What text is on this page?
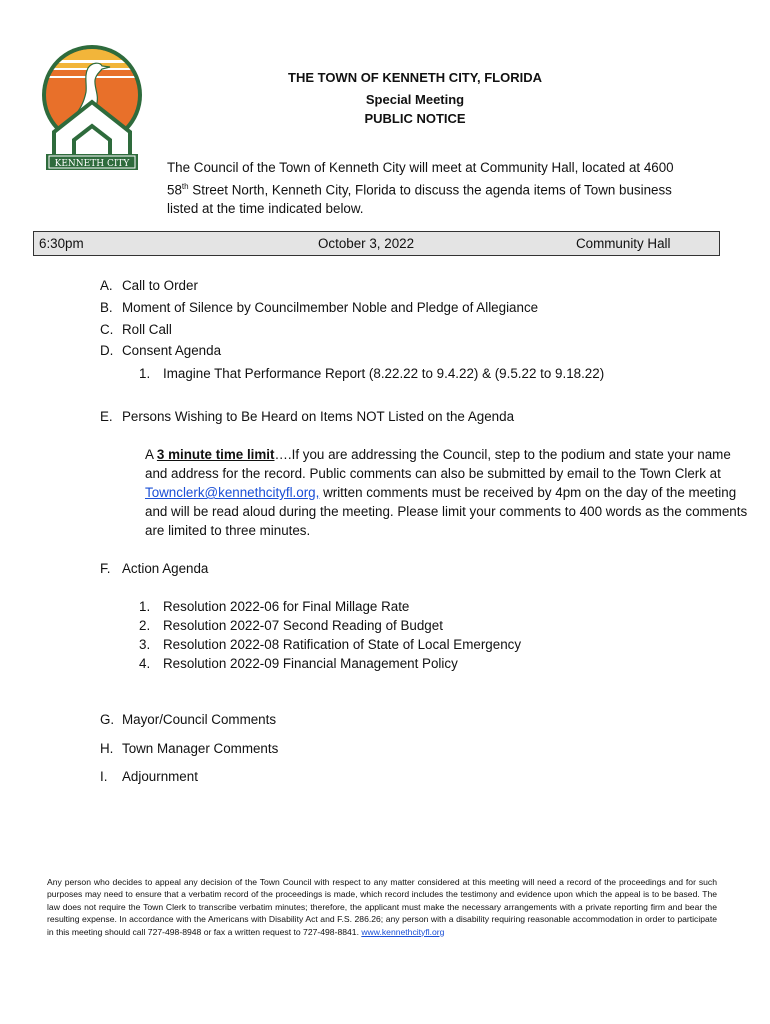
KENNETH CITY
THE TOWN OF KENNETH CITY, FLORIDA
Special Meeting
PUBLIC NOTICE
The Council of the Town of Kenneth City will meet at Community Hall, located at 4600 58th Street North, Kenneth City, Florida to discuss the agenda items of Town business listed at the time indicated below.
6:30pm	October 3, 2022	Community Hall
A. Call to Order
B. Moment of Silence by Councilmember Noble and Pledge of Allegiance
C. Roll Call
D. Consent Agenda
1. Imagine That Performance Report (8.22.22 to 9.4.22) & (9.5.22 to 9.18.22)
E. Persons Wishing to Be Heard on Items NOT Listed on the Agenda
A 3 minute time limit….If you are addressing the Council, step to the podium and state your name and address for the record. Public comments can also be submitted by email to the Town Clerk at Townclerk@kennethcityfl.org, written comments must be received by 4pm on the day of the meeting and will be read aloud during the meeting. Please limit your comments to 400 words as the comments are limited to three minutes.
F. Action Agenda
1. Resolution 2022-06 for Final Millage Rate
2. Resolution 2022-07 Second Reading of Budget
3. Resolution 2022-08 Ratification of State of Local Emergency
4. Resolution 2022-09 Financial Management Policy
G. Mayor/Council Comments
H. Town Manager Comments
I. Adjournment
Any person who decides to appeal any decision of the Town Council with respect to any matter considered at this meeting will need a record of the proceedings and for such purposes may need to ensure that a verbatim record of the proceedings is made, which record includes the testimony and evidence upon which the appeal is to be based. The law does not require the Town Clerk to transcribe verbatim minutes; therefore, the applicant must make the necessary arrangements with a private reporting firm and bear the resulting expense. In accordance with the Americans with Disability Act and F.S. 286.26; any person with a disability requiring reasonable accommodation in order to participate in this meeting should call 727-498-8948 or fax a written request to 727-498-8841. www.kennethcityfl.org
